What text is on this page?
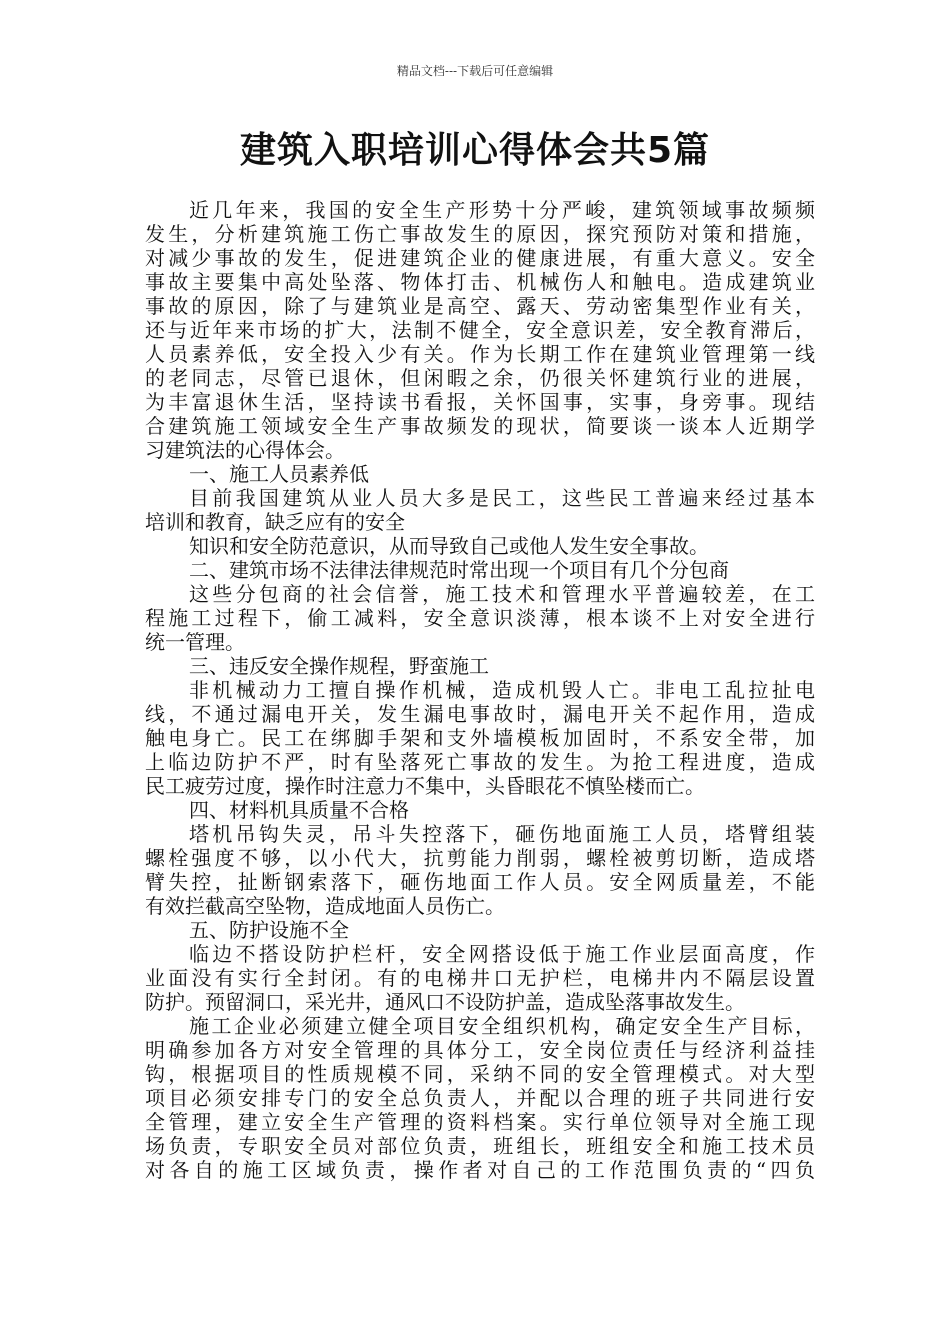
精品文档---下载后可任意编辑
建筑入职培训心得体会共5篇
近几年来，我国的安全生产形势十分严峻，建筑领域事故频频
发生，分析建筑施工伤亡事故发生的原因，探究预防对策和措施，
对减少事故的发生，促进建筑企业的健康进展，有重大意义。安全
事故主要集中高处坠落、物体打击、机械伤人和触电。造成建筑业
事故的原因，除了与建筑业是高空、露天、劳动密集型作业有关，
还与近年来市场的扩大，法制不健全，安全意识差，安全教育滞后，
人员素养低，安全投入少有关。作为长期工作在建筑业管理第一线
的老同志，尽管已退休，但闲暇之余，仍很关怀建筑行业的进展，
为丰富退休生活，坚持读书看报，关怀国事，实事，身旁事。现结
合建筑施工领域安全生产事故频发的现状，简要谈一谈本人近期学
习建筑法的心得体会。
一、施工人员素养低
目前我国建筑从业人员大多是民工，这些民工普遍来经过基本
培训和教育，缺乏应有的安全
知识和安全防范意识，从而导致自己或他人发生安全事故。
二、建筑市场不法律法律规范时常出现一个项目有几个分包商
这些分包商的社会信誉，施工技术和管理水平普遍较差，在工
程施工过程下，偷工减料，安全意识淡薄，根本谈不上对安全进行
统一管理。
三、违反安全操作规程，野蛮施工
非机械动力工擅自操作机械，造成机毁人亡。非电工乱拉扯电
线，不通过漏电开关，发生漏电事故时，漏电开关不起作用，造成
触电身亡。民工在绑脚手架和支外墙模板加固时，不系安全带，加
上临边防护不严，时有坠落死亡事故的发生。为抢工程进度，造成
民工疲劳过度，操作时注意力不集中，头昏眼花不慎坠楼而亡。
四、材料机具质量不合格
塔机吊钩失灵，吊斗失控落下，砸伤地面施工人员，塔臂组装
螺栓强度不够，以小代大，抗剪能力削弱，螺栓被剪切断，造成塔
臂失控，扯断钢索落下，砸伤地面工作人员。安全网质量差，不能
有效拦截高空坠物，造成地面人员伤亡。
五、防护设施不全
临边不搭设防护栏杆，安全网搭设低于施工作业层面高度，作
业面没有实行全封闭。有的电梯井口无护栏，电梯井内不隔层设置
防护。预留洞口，采光井，通风口不设防护盖，造成坠落事故发生。
施工企业必须建立健全项目安全组织机构，确定安全生产目标，
明确参加各方对安全管理的具体分工，安全岗位责任与经济利益挂
钩，根据项目的性质规模不同，采纳不同的安全管理模式。对大型
项目必须安排专门的安全总负责人，并配以合理的班子共同进行安
全管理，建立安全生产管理的资料档案。实行单位领导对全施工现
场负责，专职安全员对部位负责，班组长，班组安全和施工技术员
对各自的施工区域负责，操作者对自己的工作范围负责的“四负
